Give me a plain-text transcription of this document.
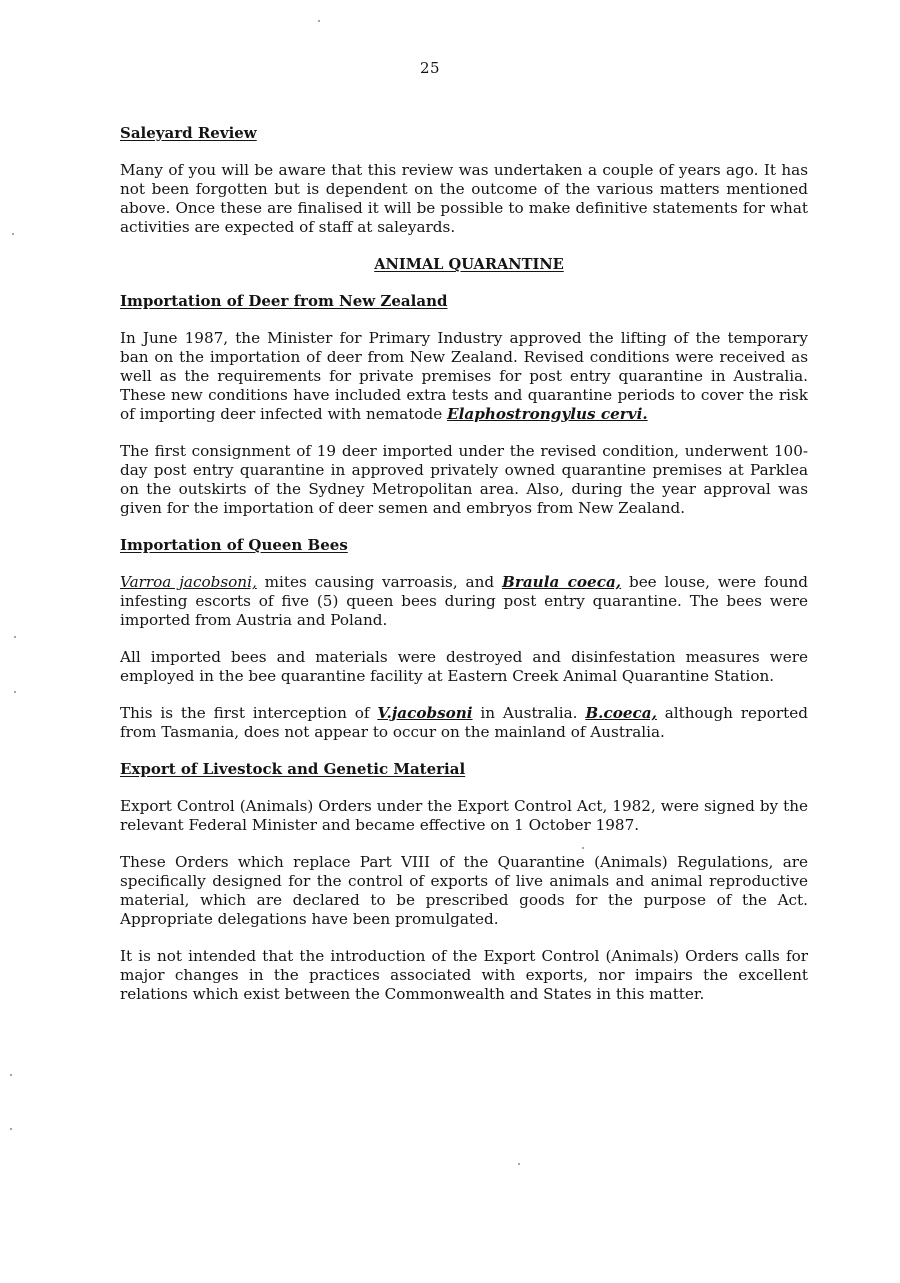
25
Saleyard Review

Many of you will be aware that this review was undertaken a couple of years ago. It has not been forgotten but is dependent on the outcome of the various matters mentioned above. Once these are finalised it will be possible to make definitive statements for what activities are expected of staff at saleyards.

ANIMAL QUARANTINE
Importation of Deer from New Zealand

In June 1987, the Minister for Primary Industry approved the lifting of the temporary ban on the importation of deer from New Zealand. Revised conditions were received as well as the requirements for private premises for post entry quarantine in Australia. These new conditions have included extra tests and quarantine periods to cover the risk of importing deer infected with nematode Elaphostrongylus cervi.

The first consignment of 19 deer imported under the revised condition, underwent 100-day post entry quarantine in approved privately owned quarantine premises at Parklea on the outskirts of the Sydney Metropolitan area. Also, during the year approval was given for the importation of deer semen and embryos from New Zealand.

Importation of Queen Bees

Varroa jacobsoni, mites causing varroasis, and Braula coeca, bee louse, were found infesting escorts of five (5) queen bees during post entry quarantine. The bees were imported from Austria and Poland.

All imported bees and materials were destroyed and disinfestation measures were employed in the bee quarantine facility at Eastern Creek Animal Quarantine Station.

This is the first interception of V.jacobsoni in Australia. B.coeca, although reported from Tasmania, does not appear to occur on the mainland of Australia.

Export of Livestock and Genetic Material

Export Control (Animals) Orders under the Export Control Act, 1982, were signed by the relevant Federal Minister and became effective on 1 October 1987.

These Orders which replace Part VIII of the Quarantine (Animals) Regulations, are specifically designed for the control of exports of live animals and animal reproductive material, which are declared to be prescribed goods for the purpose of the Act. Appropriate delegations have been promulgated.

It is not intended that the introduction of the Export Control (Animals) Orders calls for major changes in the practices associated with exports, nor impairs the excellent relations which exist between the Commonwealth and States in this matter.
